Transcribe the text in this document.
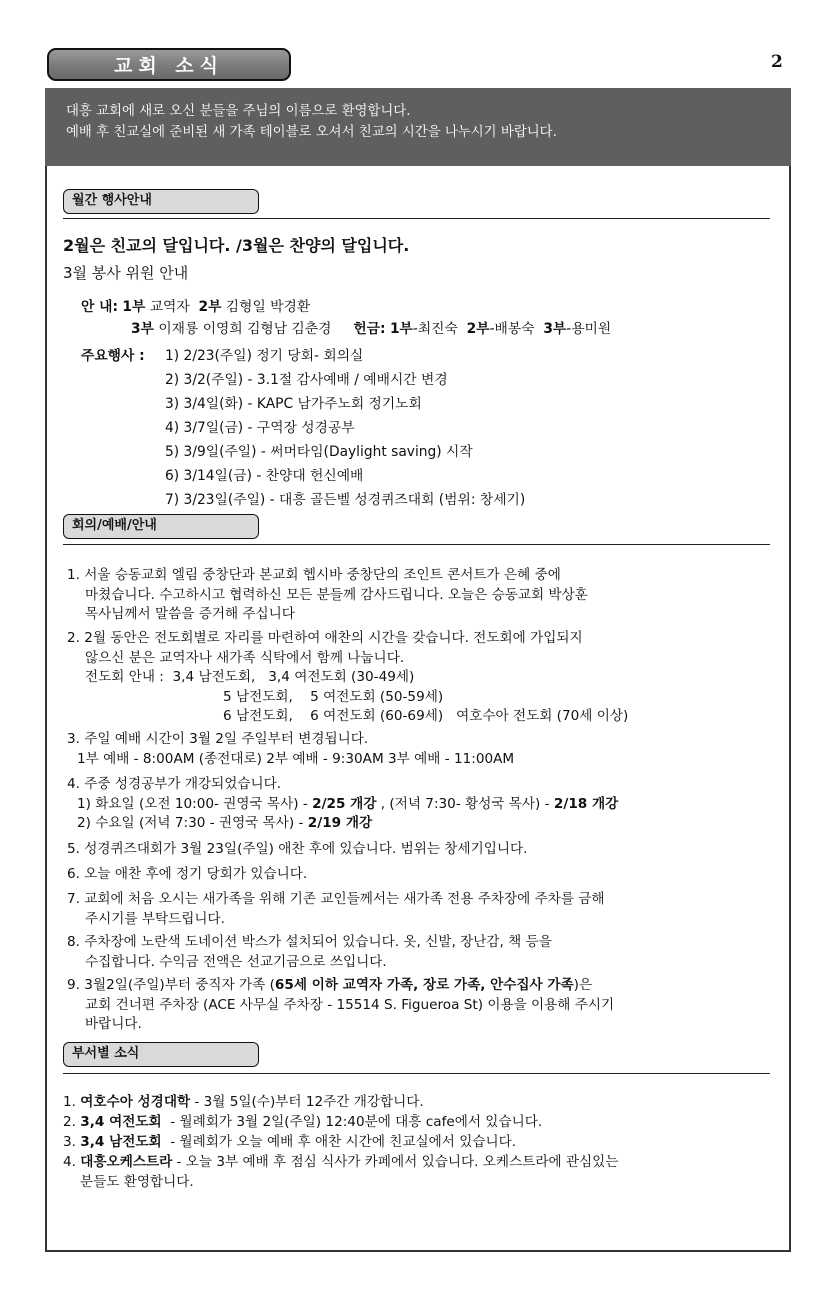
교회 소식	2
대흥 교회에 새로 오신 분들을 주님의 이름으로 환영합니다.
예배 후 친교실에 준비된 새 가족 테이블로 오셔서 친교의 시간을 나누시기 바랍니다.
월간 행사안내
2월은 친교의 달입니다. /3월은 찬양의 달입니다.
3월 봉사 위원 안내
안 내: 1부 교역자 2부 김형일 박경환
3부 이재룡 이영희 김형남 김춘경 헌금: 1부-최진숙 2부-배봉숙 3부-용미원
주요행사 : 1) 2/23(주일) 정기 당회- 회의실
2) 3/2(주일) - 3.1절 감사예배 / 예배시간 변경
3) 3/4일(화) - KAPC 남가주노회 정기노회
4) 3/7일(금) - 구역장 성경공부
5) 3/9일(주일) - 써머타임(Daylight saving) 시작
6) 3/14일(금) - 찬양대 헌신예배
7) 3/23일(주일) - 대흥 골든벨 성경퀴즈대회 (범위: 창세기)
회의/예배/안내
1. 서울 승동교회 엘림 중창단과 본교회 헵시바 중창단의 조인트 콘서트가 은혜 중에
마쳤습니다. 수고하시고 협력하신 모든 분들께 감사드립니다. 오늘은 승동교회 박상훈
목사님께서 말씀을 증거해 주십니다
2. 2월 동안은 전도회별로 자리를 마련하여 애찬의 시간을 갖습니다. 전도회에 가입되지
않으신 분은 교역자나 새가족 식탁에서 함께 나눕니다.
전도회 안내 :  3,4 남전도회,   3,4 여전도회 (30-49세)
5 남전도회,    5 여전도회 (50-59세)
6 남전도회,    6 여전도회 (60-69세)   여호수아 전도회 (70세 이상)
3. 주일 예배 시간이 3월 2일 주일부터 변경됩니다.
1부 예배 - 8:00AM (종전대로) 2부 예배 - 9:30AM 3부 예배 - 11:00AM
4. 주중 성경공부가 개강되었습니다.
1) 화요일 (오전 10:00- 권영국 목사) - 2/25 개강 , (저녁 7:30- 황성국 목사) - 2/18 개강
2) 수요일 (저녁 7:30 - 권영국 목사) - 2/19 개강
5. 성경퀴즈대회가 3월 23일(주일) 애찬 후에 있습니다. 범위는 창세기입니다.
6. 오늘 애찬 후에 정기 당회가 있습니다.
7. 교회에 처음 오시는 새가족을 위해 기존 교인들께서는 새가족 전용 주차장에 주차를 금해
주시기를 부탁드립니다.
8. 주차장에 노란색 도네이션 박스가 설치되어 있습니다. 옷, 신발, 장난감, 책 등을
수집합니다. 수익금 전액은 선교기금으로 쓰입니다.
9. 3월2일(주일)부터 중직자 가족 (65세 이하 교역자 가족, 장로 가족, 안수집사 가족)은
교회 건너편 주차장 (ACE 사무실 주차장 - 15514 S. Figueroa St) 이용을 이용해 주시기
바랍니다.
부서별 소식
1. 여호수아 성경대학 - 3월 5일(수)부터 12주간 개강합니다.
2. 3,4 여전도회  - 월례회가 3월 2일(주일) 12:40분에 대흥 cafe에서 있습니다.
3. 3,4 남전도회  - 월례회가 오늘 예배 후 애찬 시간에 친교실에서 있습니다.
4. 대흥오케스트라 - 오늘 3부 예배 후 점심 식사가 카페에서 있습니다. 오케스트라에 관심있는
분들도 환영합니다.
